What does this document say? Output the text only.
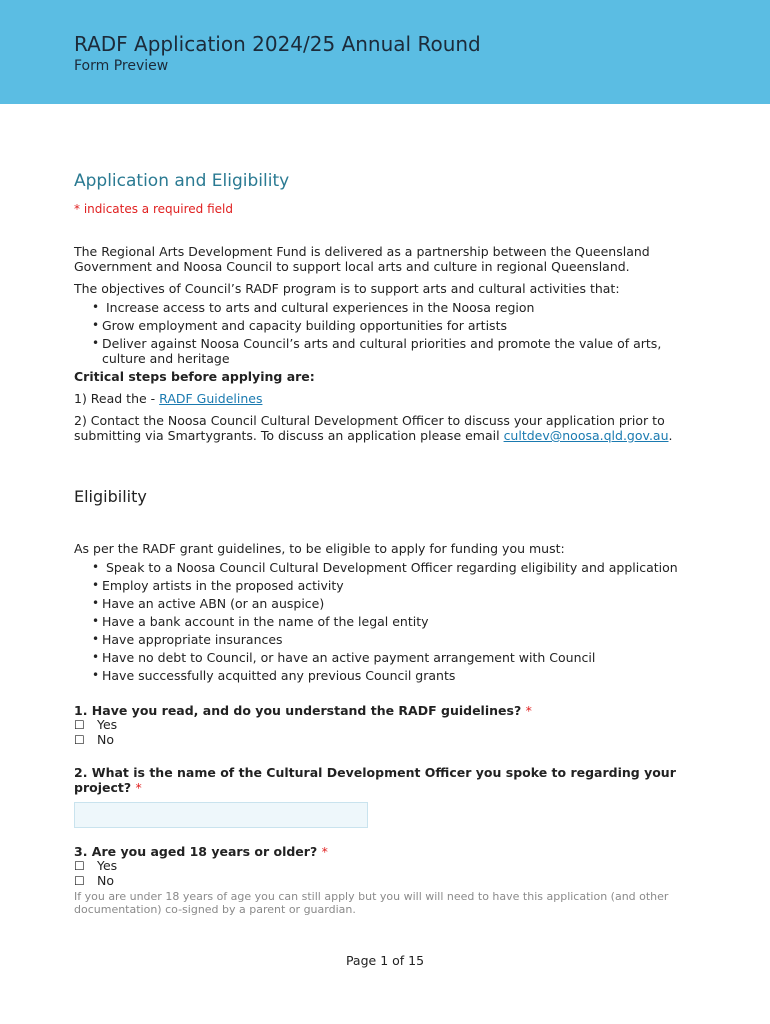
RADF Application 2024/25 Annual Round
Form Preview
Application and Eligibility
* indicates a required field

The Regional Arts Development Fund is delivered as a partnership between the Queensland Government and Noosa Council to support local arts and culture in regional Queensland.

The objectives of Council’s RADF program is to support arts and cultural activities that:

• Increase access to arts and cultural experiences in the Noosa region
• Grow employment and capacity building opportunities for artists
• Deliver against Noosa Council’s arts and cultural priorities and promote the value of arts, culture and heritage

Critical steps before applying are:

1) Read the - RADF Guidelines

2) Contact the Noosa Council Cultural Development Officer to discuss your application prior to submitting via Smartygrants. To discuss an application please email cultdev@noosa.qld.gov.au.

Eligibility

As per the RADF grant guidelines, to be eligible to apply for funding you must:

• Speak to a Noosa Council Cultural Development Officer regarding eligibility and application
• Employ artists in the proposed activity
• Have an active ABN (or an auspice)
• Have a bank account in the name of the legal entity
• Have appropriate insurances
• Have no debt to Council, or have an active payment arrangement with Council
• Have successfully acquitted any previous Council grants
1. Have you read, and do you understand the RADF guidelines? *
☐ Yes
☐ No
2. What is the name of the Cultural Development Officer you spoke to regarding your project? *
3. Are you aged 18 years or older? *
☐ Yes
☐ No
If you are under 18 years of age you can still apply but you will will need to have this application (and other documentation) co-signed by a parent or guardian.
Page 1 of 15
